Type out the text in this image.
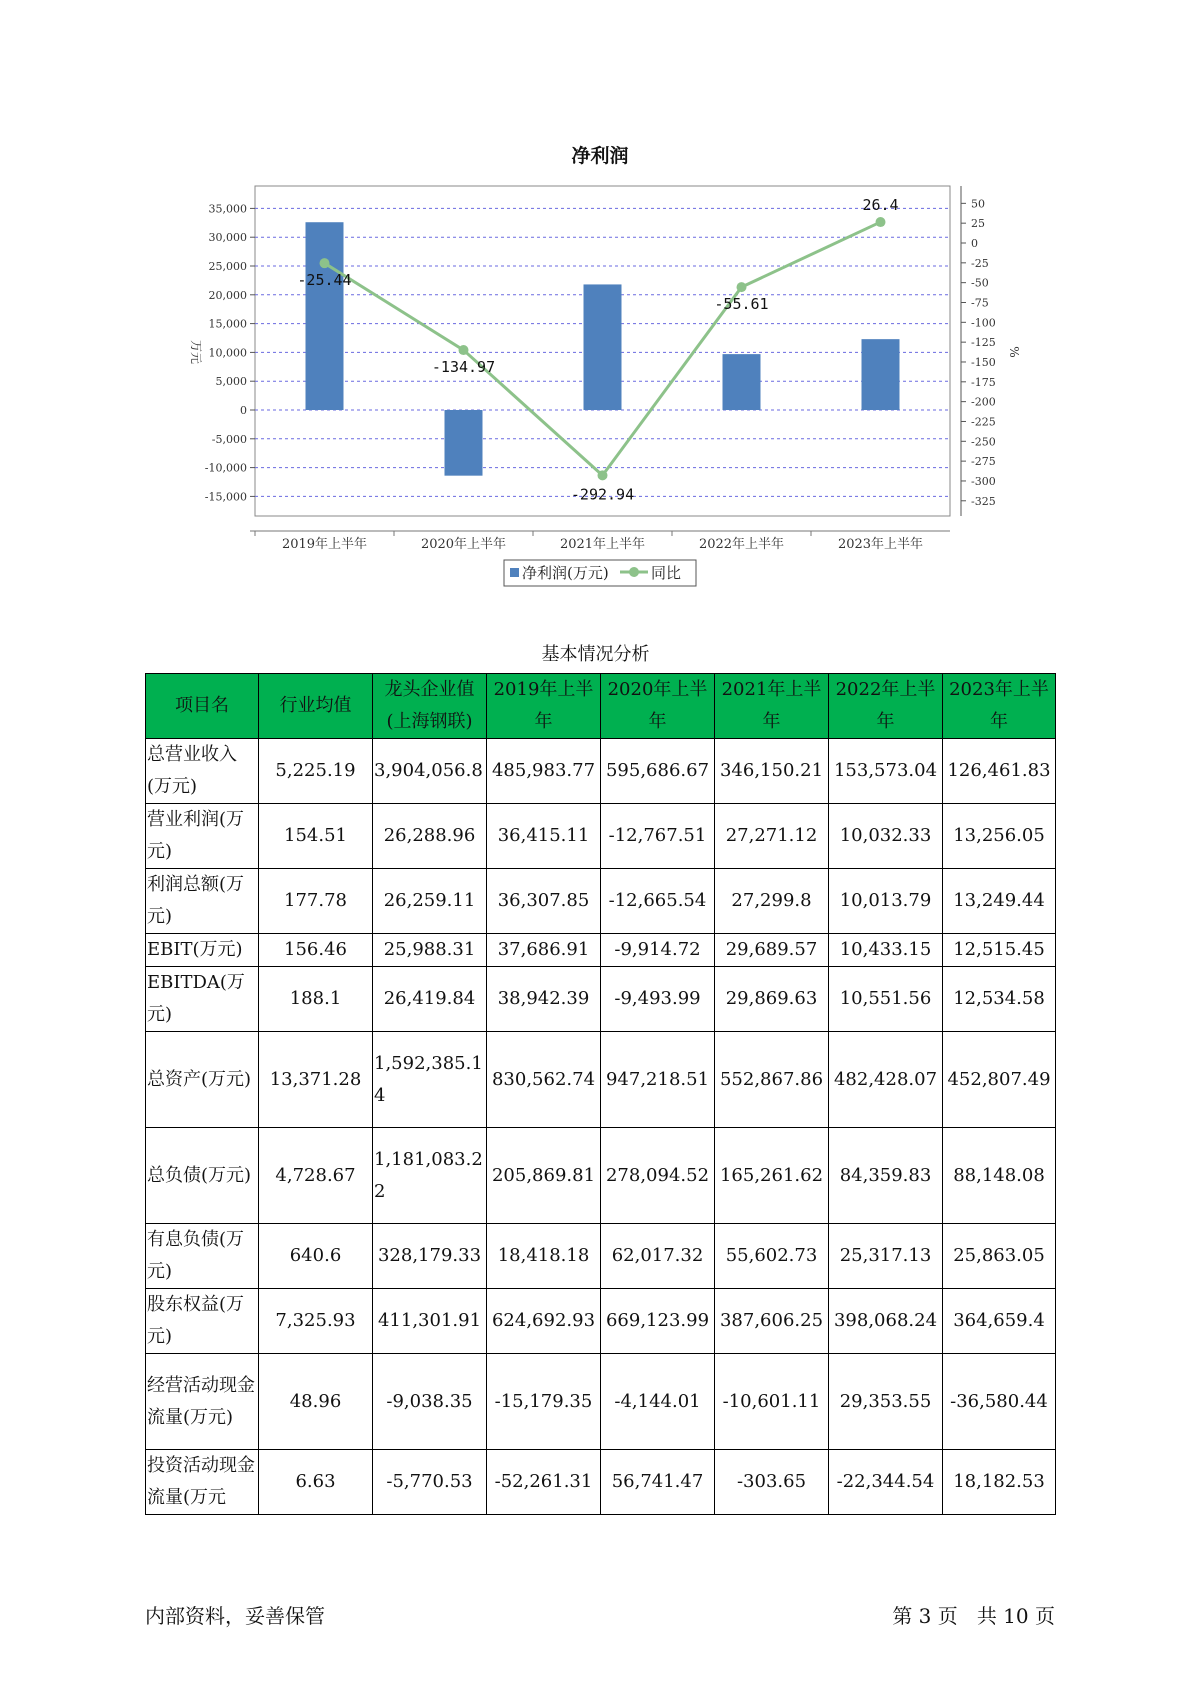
净利润
35,000
30,000
25,000
20,000
15,000
10,000
5,000
0
-5,000
-10,000
-15,000
50
25
0
-25
-50
-75
-100
-125
-150
-175
-200
-225
-250
-275
-300
-325
-25.44
-134.97
-292.94
-55.61
26.4
2019年上半年	2020年上半年	2021年上半年	2022年上半年	2023年上半年
万元	%
净利润(万元)	同比
基本情况分析
项目名	行业均值	龙头企业值(上海钢联)	2019年上半年	2020年上半年	2021年上半年	2022年上半年	2023年上半年
总营业收入(万元)	5,225.19	3,904,056.8	485,983.77	595,686.67	346,150.21	153,573.04	126,461.83
营业利润(万元)	154.51	26,288.96	36,415.11	-12,767.51	27,271.12	10,032.33	13,256.05
利润总额(万元)	177.78	26,259.11	36,307.85	-12,665.54	27,299.8	10,013.79	13,249.44
EBIT(万元)	156.46	25,988.31	37,686.91	-9,914.72	29,689.57	10,433.15	12,515.45
EBITDA(万元)	188.1	26,419.84	38,942.39	-9,493.99	29,869.63	10,551.56	12,534.58
总资产(万元)	13,371.28	1,592,385.14	830,562.74	947,218.51	552,867.86	482,428.07	452,807.49
总负债(万元)	4,728.67	1,181,083.22	205,869.81	278,094.52	165,261.62	84,359.83	88,148.08
有息负债(万元)	640.6	328,179.33	18,418.18	62,017.32	55,602.73	25,317.13	25,863.05
股东权益(万元)	7,325.93	411,301.91	624,692.93	669,123.99	387,606.25	398,068.24	364,659.4
经营活动现金流量(万元)	48.96	-9,038.35	-15,179.35	-4,144.01	-10,601.11	29,353.55	-36,580.44
投资活动现金流量(万元	6.63	-5,770.53	-52,261.31	56,741.47	-303.65	-22,344.54	18,182.53
内部资料，妥善保管	第 3 页   共 10 页
